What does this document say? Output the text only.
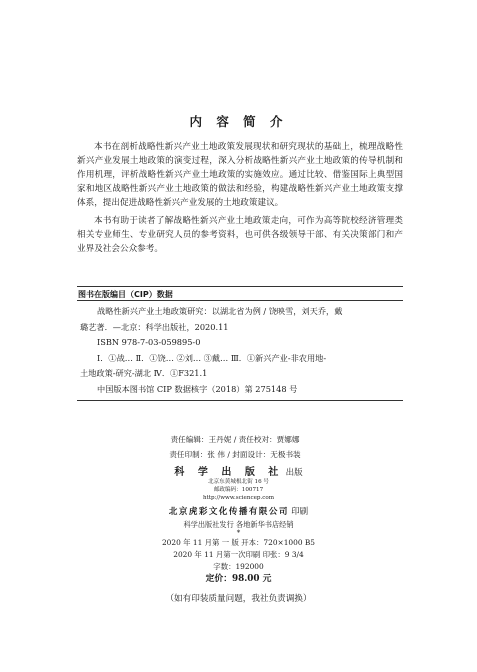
内 容 简 介

本书在剖析战略性新兴产业土地政策发展现状和研究现状的基础上，梳理战略性新兴产业发展土地政策的演变过程，深入分析战略性新兴产业土地政策的传导机制和作用机理，评析战略性新兴产业土地政策的实施效应。通过比较、借鉴国际上典型国家和地区战略性新兴产业土地政策的做法和经验，构建战略性新兴产业土地政策支撑体系，提出促进战略性新兴产业发展的土地政策建议。

本书有助于读者了解战略性新兴产业土地政策走向，可作为高等院校经济管理类相关专业师生、专业研究人员的参考资料，也可供各级领导干部、有关决策部门和产业界及社会公众参考。

图书在版编目（CIP）数据
战略性新兴产业土地政策研究：以湖北省为例 / 饶映雪，刘天乔，戴
璐艺著．—北京：科学出版社，2020.11
ISBN 978-7-03-059895-0
Ⅰ．①战… Ⅱ．①饶… ②刘… ③戴… Ⅲ．①新兴产业-非农用地-
土地政策-研究-湖北 Ⅳ．①F321.1
中国版本图书馆 CIP 数据核字（2018）第 275148 号
责任编辑：王丹妮 / 责任校对：贾娜娜
责任印制：张 伟 / 封面设计：无极书装
科 学 出 版 社 出版
北京东黄城根北街 16 号
邮政编码：100717
http://www.sciencep.com
北京虎彩文化传播有限公司 印刷
科学出版社发行 各地新华书店经销
*
2020 年 11 月第 一 版 开本：720×1000 B5
2020 年 11 月第一次印刷 印张：9 3/4
字数：192000
定价：98.00 元
（如有印装质量问题，我社负责调换）
